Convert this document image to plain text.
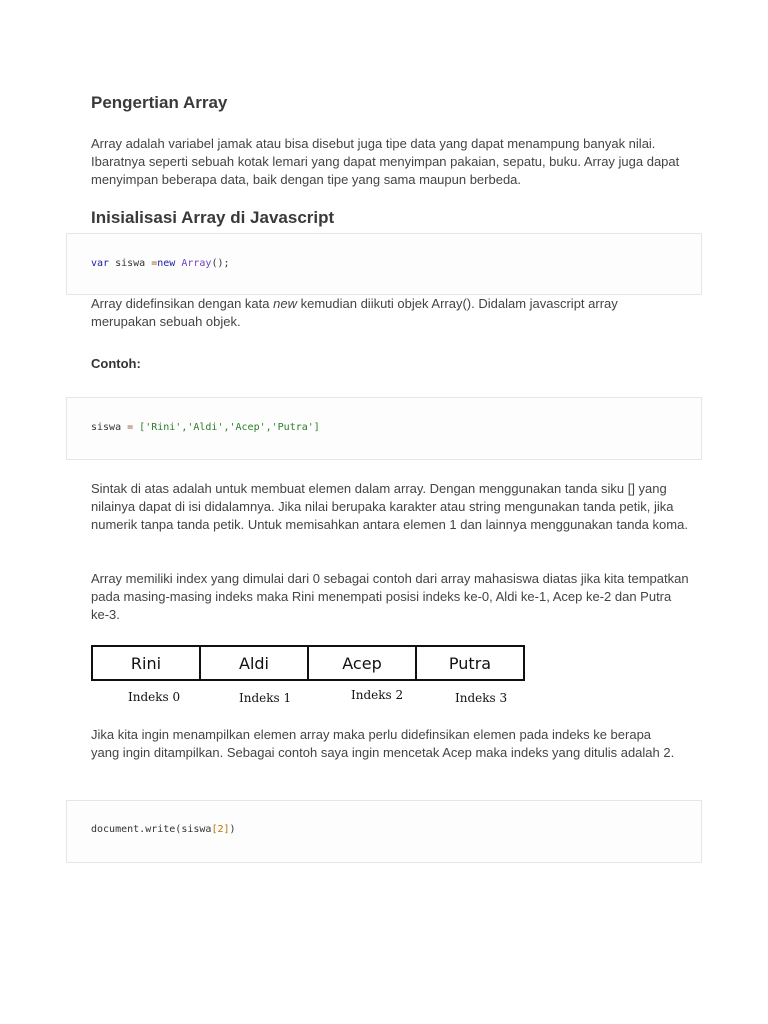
Pengertian Array

Array adalah variabel jamak atau bisa disebut juga tipe data yang dapat menampung banyak nilai. Ibaratnya seperti sebuah kotak lemari yang dapat menyimpan pakaian, sepatu, buku. Array juga dapat menyimpan beberapa data, baik dengan tipe yang sama maupun berbeda.

Inisialisasi Array di Javascript
var siswa =new Array();

Array didefinsikan dengan kata new kemudian diikuti objek Array(). Didalam javascript array merupakan sebuah objek.

Contoh:

siswa = ['Rini','Aldi','Acep','Putra']

Sintak di atas adalah untuk membuat elemen dalam array. Dengan menggunakan tanda siku [] yang nilainya dapat di isi didalamnya. Jika nilai berupaka karakter atau string mengunakan tanda petik, jika numerik tanpa tanda petik. Untuk memisahkan antara elemen 1 dan lainnya menggunakan tanda koma.

Array memiliki index yang dimulai dari 0 sebagai contoh dari array mahasiswa diatas jika kita tempatkan pada masing-masing indeks maka Rini menempati posisi indeks ke-0, Aldi ke-1, Acep ke-2 dan Putra ke-3.

Rini	Aldi	Acep	Putra
Indeks 0	Indeks 1	Indeks 2	Indeks 3

Jika kita ingin menampilkan elemen array maka perlu didefinsikan elemen pada indeks ke berapa yang ingin ditampilkan. Sebagai contoh saya ingin mencetak Acep maka indeks yang ditulis adalah 2.

document.write(siswa[2])
